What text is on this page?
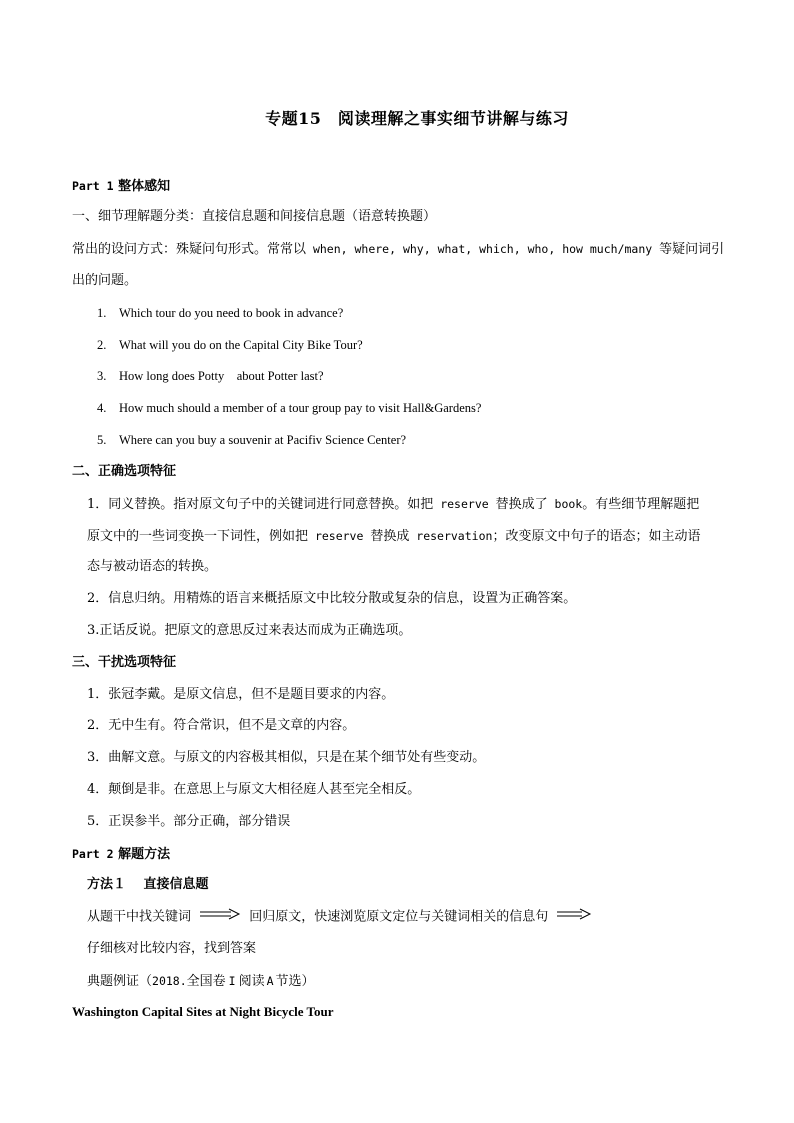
专题15　阅读理解之事实细节讲解与练习
Part 1 整体感知
一、细节理解题分类：直接信息题和间接信息题（语意转换题）
常出的设问方式：殊疑问句形式。常常以 when, where, why, what, which, who, how much/many 等疑问词引
出的问题。
1. Which tour do you need to book in advance?
2. What will you do on the Capital City Bike Tour?
3. How long does Potty　about Potter last?
4. How much should a member of a tour group pay to visit Hall&Gardens?
5. Where can you buy a souvenir at Pacifiv Science Center?
二、正确选项特征
1．同义替换。指对原文句子中的关键词进行同意替换。如把 reserve 替换成了 book。有些细节理解题把
原文中的一些词变换一下词性，例如把 reserve 替换成 reservation；改变原文中句子的语态；如主动语
态与被动语态的转换。
2．信息归纳。用精炼的语言来概括原文中比较分散或复杂的信息，设置为正确答案。
3.正话反说。把原文的意思反过来表达而成为正确选项。
三、干扰选项特征
1．张冠李戴。是原文信息，但不是题目要求的内容。
2．无中生有。符合常识，但不是文章的内容。
3．曲解文意。与原文的内容极其相似，只是在某个细节处有些变动。
4．颠倒是非。在意思上与原文大相径庭人甚至完全相反。
5．正误参半。部分正确，部分错误
Part 2 解题方法
方法１　 直接信息题
从题干中找关键词	回归原文，快速浏览原文定位与关键词相关的信息句
仔细核对比较内容，找到答案
典题例证（2018.全国卷 I 阅读 A 节选）
Washington Capital Sites at Night Bicycle Tour
